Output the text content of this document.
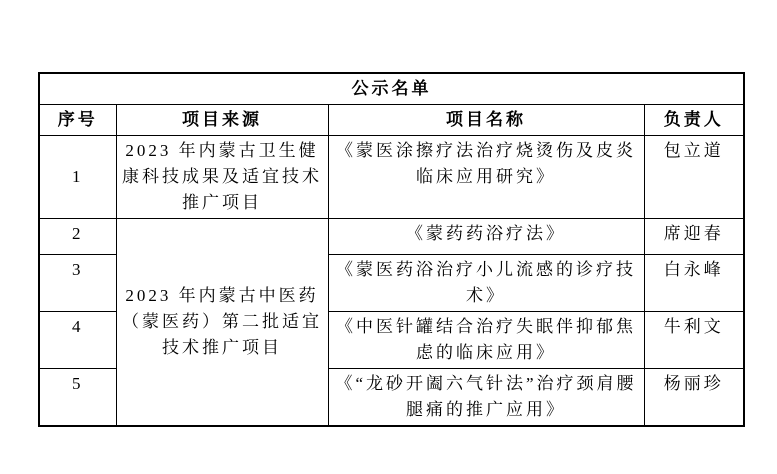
公示名单			
序号	项目来源	项目名称	负责人
1	2023 年内蒙古卫生健康科技成果及适宜技术推广项目	《蒙医涂擦疗法治疗烧烫伤及皮炎临床应用研究》	包立道
2	2023 年内蒙古中医药（蒙医药）第二批适宜技术推广项目	《蒙药药浴疗法》	席迎春
3		《蒙医药浴治疗小儿流感的诊疗技术》	白永峰
4		《中医针罐结合治疗失眠伴抑郁焦虑的临床应用》	牛利文
5		《“龙砂开阖六气针法”治疗颈肩腰腿痛的推广应用》	杨丽珍
